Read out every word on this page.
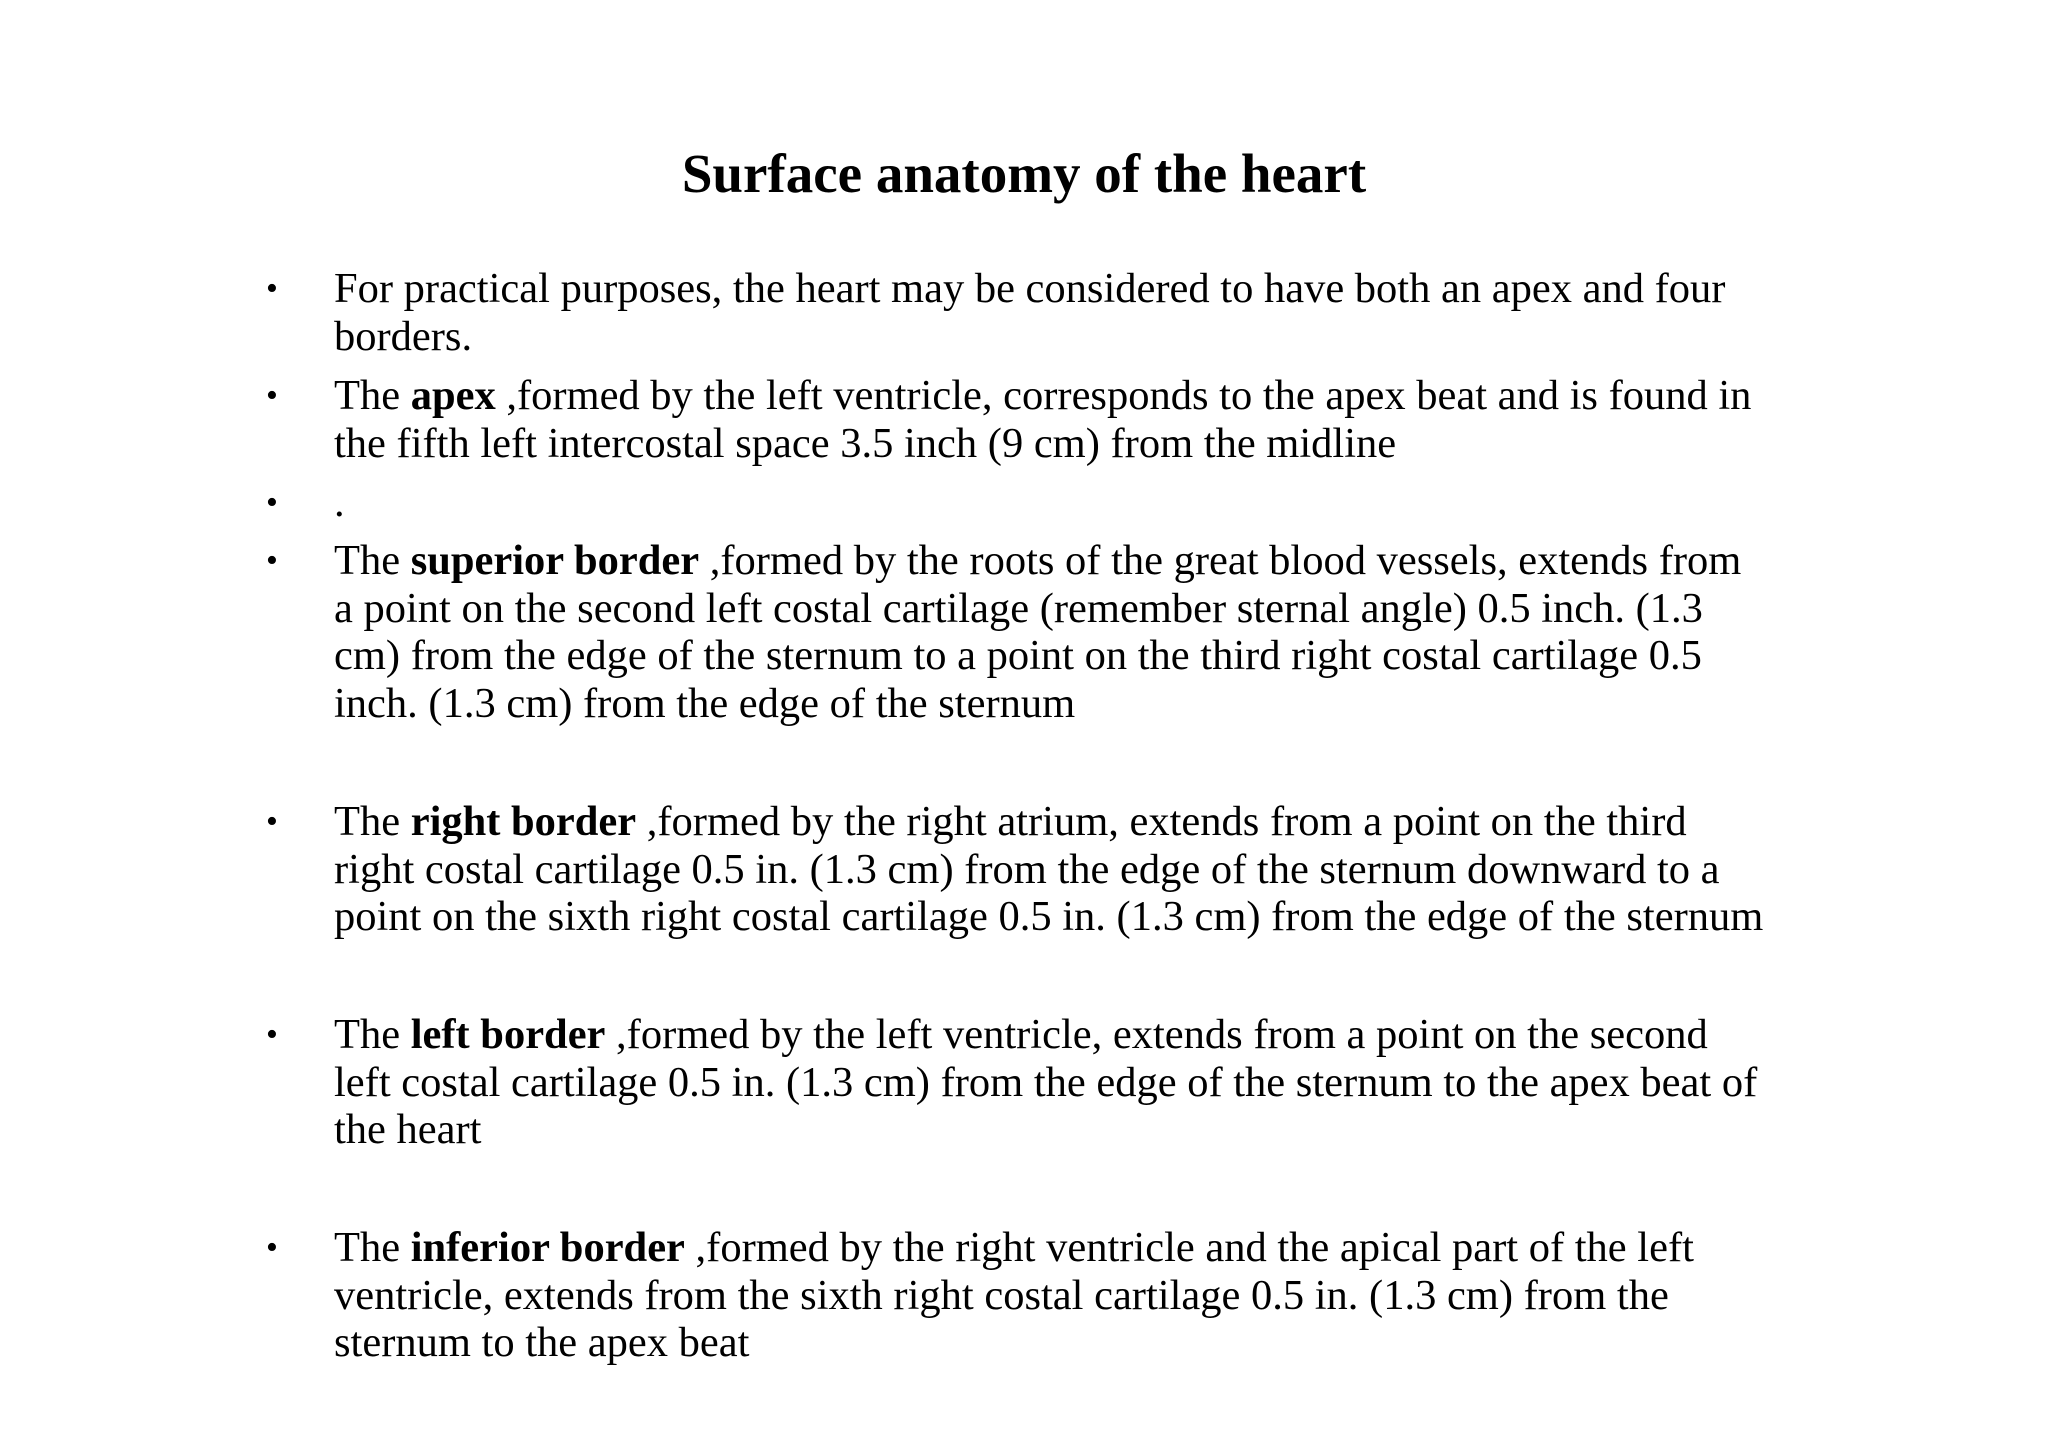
Surface anatomy of the heart
• For practical purposes, the heart may be considered to have both an apex and four
borders.
• The apex ,formed by the left ventricle, corresponds to the apex beat and is found in
the fifth left intercostal space 3.5 inch (9 cm) from the midline
• .
• The superior border ,formed by the roots of the great blood vessels, extends from
a point on the second left costal cartilage (remember sternal angle) 0.5 inch. (1.3
cm) from the edge of the sternum to a point on the third right costal cartilage 0.5
inch. (1.3 cm) from the edge of the sternum
• The right border ,formed by the right atrium, extends from a point on the third
right costal cartilage 0.5 in. (1.3 cm) from the edge of the sternum downward to a
point on the sixth right costal cartilage 0.5 in. (1.3 cm) from the edge of the sternum
• The left border ,formed by the left ventricle, extends from a point on the second
left costal cartilage 0.5 in. (1.3 cm) from the edge of the sternum to the apex beat of
the heart
• The inferior border ,formed by the right ventricle and the apical part of the left
ventricle, extends from the sixth right costal cartilage 0.5 in. (1.3 cm) from the
sternum to the apex beat
